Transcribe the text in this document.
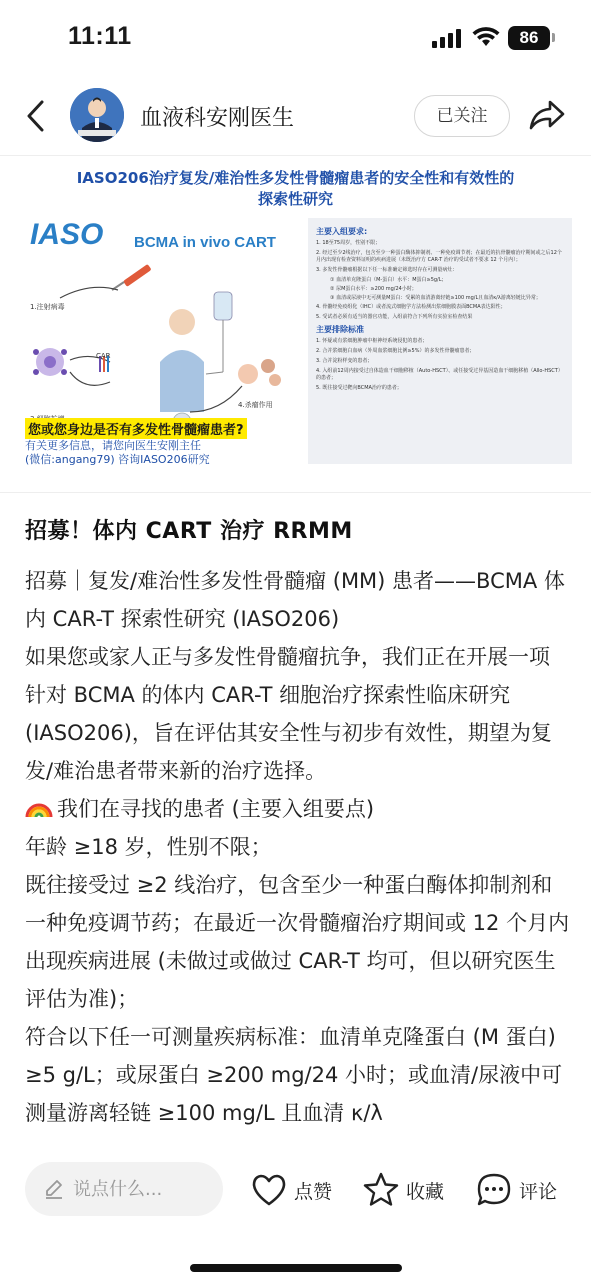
11:11	86
血液科安刚医生	已关注
IASO206治疗复发/难治性多发性骨髓瘤患者的安全性和有效性的
探索性研究
IASO BCMA in vivo CART
1.注射病毒
CAR
4.杀瘤作用
您或您身边是否有多发性骨髓瘤患者?
有关更多信息，请您向医生安刚主任
(微信:angang79) 咨询IASO206研究
主要入组要求:
1. 18至75周岁，性别不限；
2. 经过至少2线治疗，包含至少一种蛋白酶体抑制剂、一种免疫调节剂；在最近的抗骨髓瘤治疗期间或之后12个月内出现有检查资料证明的疾病进展（未既治疗方 CAR-T 治疗的受试者不要求 12 个月内）；
3. 多发性骨髓瘤根据以下任一标准确定筛选时存在可测量病灶：
① 血清单克隆蛋白（M-蛋白）水平：M蛋白≥5g/L；
② 尿M蛋白水平：≥200 mg/24小时；
③ 血清或尿液中无可测量M蛋白：受累的血清游离轻链≥100 mg/L且血清κ/λ游离轻链比异常；
4. 骨髓经免疫组化（IHC）或者流式细胞学方法检测出浆细胞膜表面BCMA表达阳性；
5. 受试者必须有适当的器官功能，入组前符合下列所有实验室检查结果
主要排除标准
1. 怀疑或有浆细胞肿瘤中枢神经系统侵犯的患者；
2. 合并浆细胞白血病（外周血浆细胞比例≥5%）的多发性骨髓瘤患者；
3. 合并淀粉样变的患者；
4. 入组前12周内接受过自体造血干细胞移植（Auto-HSCT）、或任接受过异基因造血干细胞移植（Allo-HSCT）的患者；
5. 既往接受过靶向BCMA治疗的患者；
招募！体内 CART 治疗 RRMM

招募｜复发/难治性多发性骨髓瘤 (MM) 患者——BCMA 体内 CAR-T 探索性研究 (IASO206)

如果您或家人正与多发性骨髓瘤抗争，我们正在开展一项针对 BCMA 的体内 CAR-T 细胞治疗探索性临床研究 (IASO206)，旨在评估其安全性与初步有效性，期望为复发/难治患者带来新的治疗选择。

我们在寻找的患者 (主要入组要点)

年龄 ≥18 岁，性别不限；

既往接受过 ≥2 线治疗，包含至少一种蛋白酶体抑制剂和一种免疫调节药；在最近一次骨髓瘤治疗期间或 12 个月内出现疾病进展 (未做过或做过 CAR-T 均可，但以研究医生评估为准)；

符合以下任一可测量疾病标准：血清单克隆蛋白 (M 蛋白) ≥5 g/L；或尿蛋白 ≥200 mg/24 小时；或血清/尿液中可测量游离轻链 ≥100 mg/L 且血清 κ/λ

说点什么...
点赞	收藏	评论
